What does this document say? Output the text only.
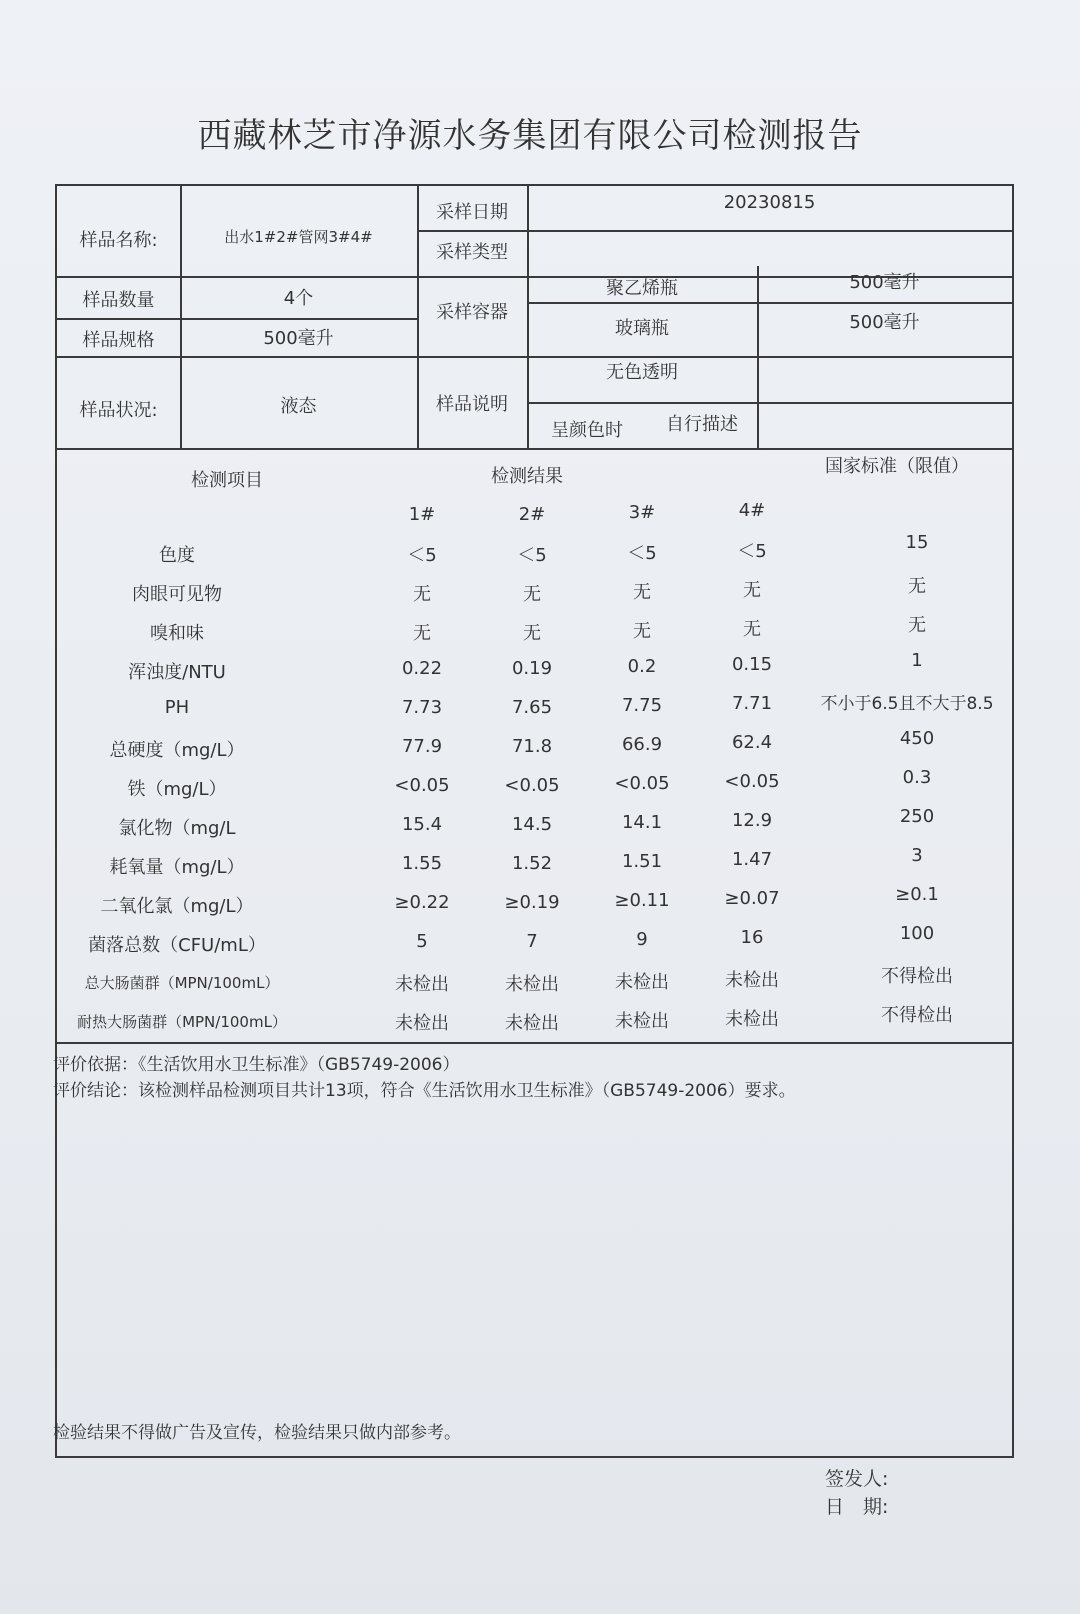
西藏林芝市净源水务集团有限公司检测报告
样品名称:	出水1#2#管网3#4#
采样日期	20230815
采样类型
样品数量	4个
样品规格	500毫升
采样容器
聚乙烯瓶	500毫升
玻璃瓶	500毫升
样品状况:	液态	样品说明
无色透明
呈颜色时	自行描述
检测项目	检测结果	国家标准（限值）
1#	2#	3#	4#
色度	＜5	＜5	＜5	＜5	15
肉眼可见物	无	无	无	无	无
嗅和味	无	无	无	无	无
浑浊度/NTU	0.22	0.19	0.2	0.15	1
PH	7.73	7.65	7.75	7.71	不小于6.5且不大于8.5
总硬度（mg/L）	77.9	71.8	66.9	62.4	450
铁（mg/L）	<0.05	<0.05	<0.05	<0.05	0.3
氯化物（mg/L	15.4	14.5	14.1	12.9	250
耗氧量（mg/L）	1.55	1.52	1.51	1.47	3
二氧化氯（mg/L）	≥0.22	≥0.19	≥0.11	≥0.07	≥0.1
菌落总数（CFU/mL）	5	7	9	16	100
总大肠菌群（MPN/100mL）	未检出	未检出	未检出	未检出	不得检出
耐热大肠菌群（MPN/100mL）	未检出	未检出	未检出	未检出	不得检出
评价依据：《生活饮用水卫生标准》（GB5749-2006）
评价结论：该检测样品检测项目共计13项，符合《生活饮用水卫生标准》（GB5749-2006）要求。
检验结果不得做广告及宣传，检验结果只做内部参考。
签发人:
日　期:
